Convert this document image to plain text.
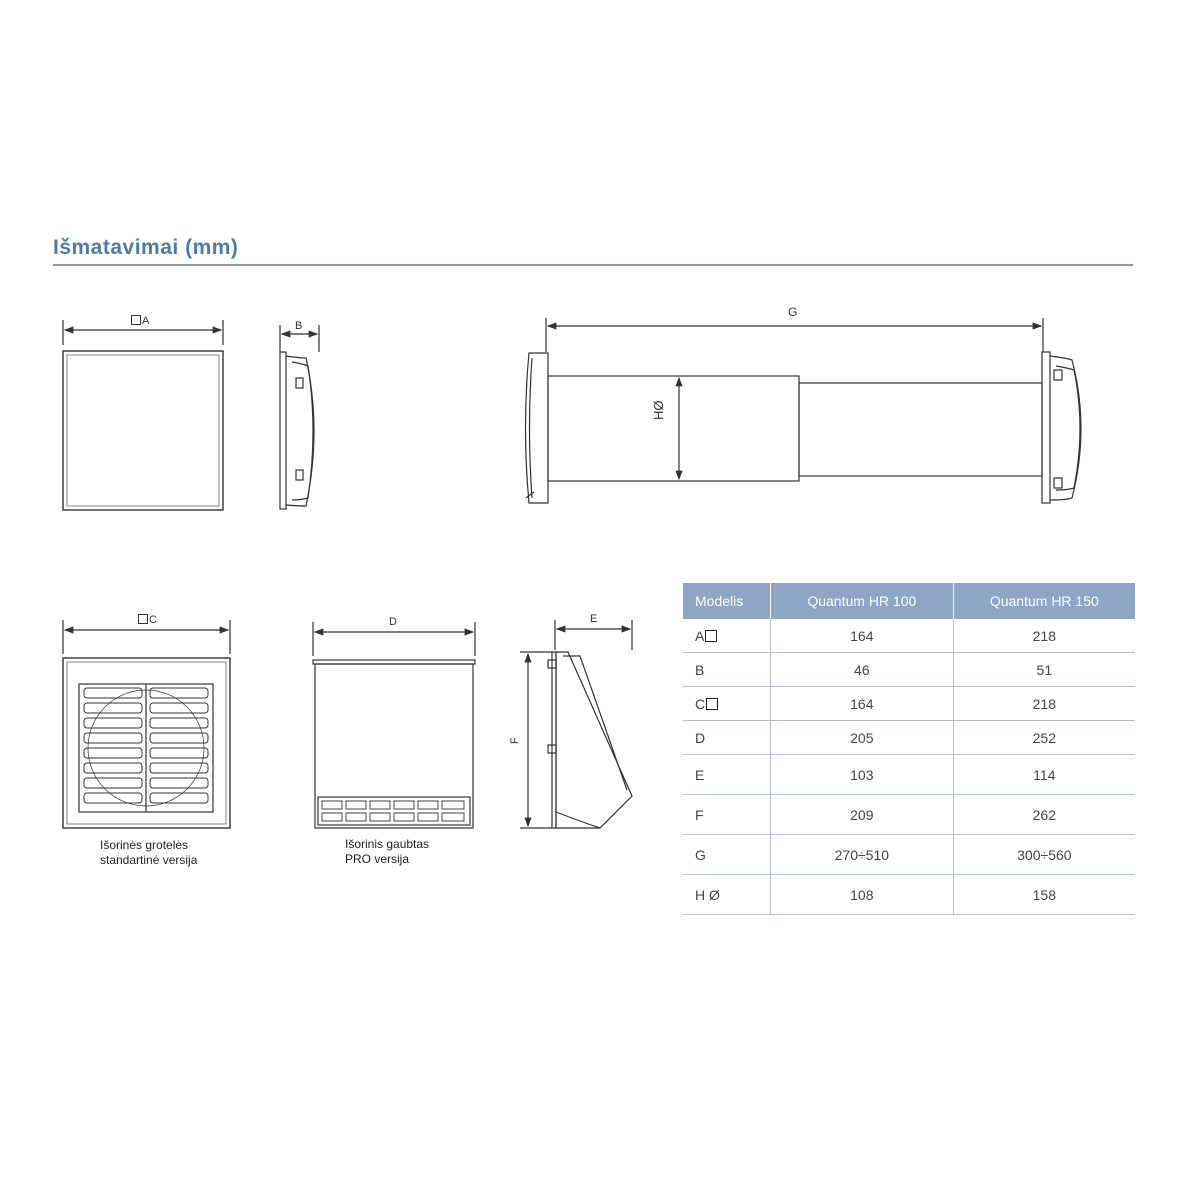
Išmatavimai (mm)
A	B
G
HØ
C	D	E
F
Išorinės grotelės
standartinė versija
Išorinis gaubtas
PRO versija
Modelis	Quantum HR 100	Quantum HR 150
A	164	218
B	46	51
C	164	218
D	205	252
E	103	114
F	209	262
G	270÷510	300÷560
H Ø	108	158
